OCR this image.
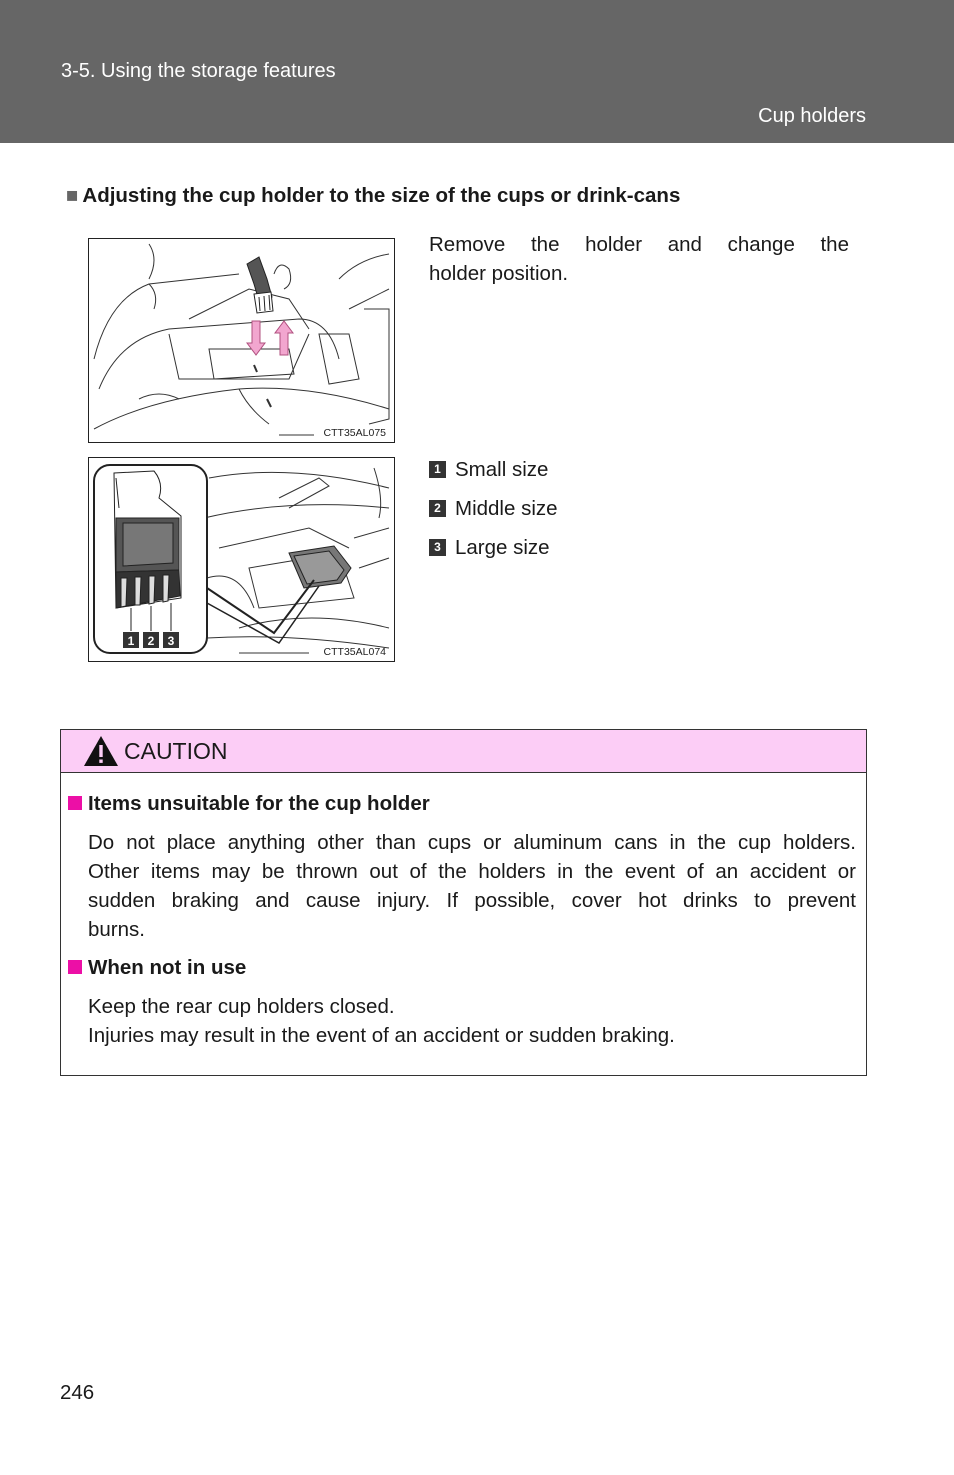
3-5. Using the storage features
Cup holders
■ Adjusting the cup holder to the size of the cups or drink-cans
CTT35AL075
1 2 3
CTT35AL074
Remove the holder and change the
holder position.
1 Small size
2 Middle size
3 Large size
CAUTION
Items unsuitable for the cup holder
Do not place anything other than cups or aluminum cans in the cup holders.
Other items may be thrown out of the holders in the event of an accident or
sudden braking and cause injury. If possible, cover hot drinks to prevent
burns.
When not in use
Keep the rear cup holders closed.
Injuries may result in the event of an accident or sudden braking.
246
